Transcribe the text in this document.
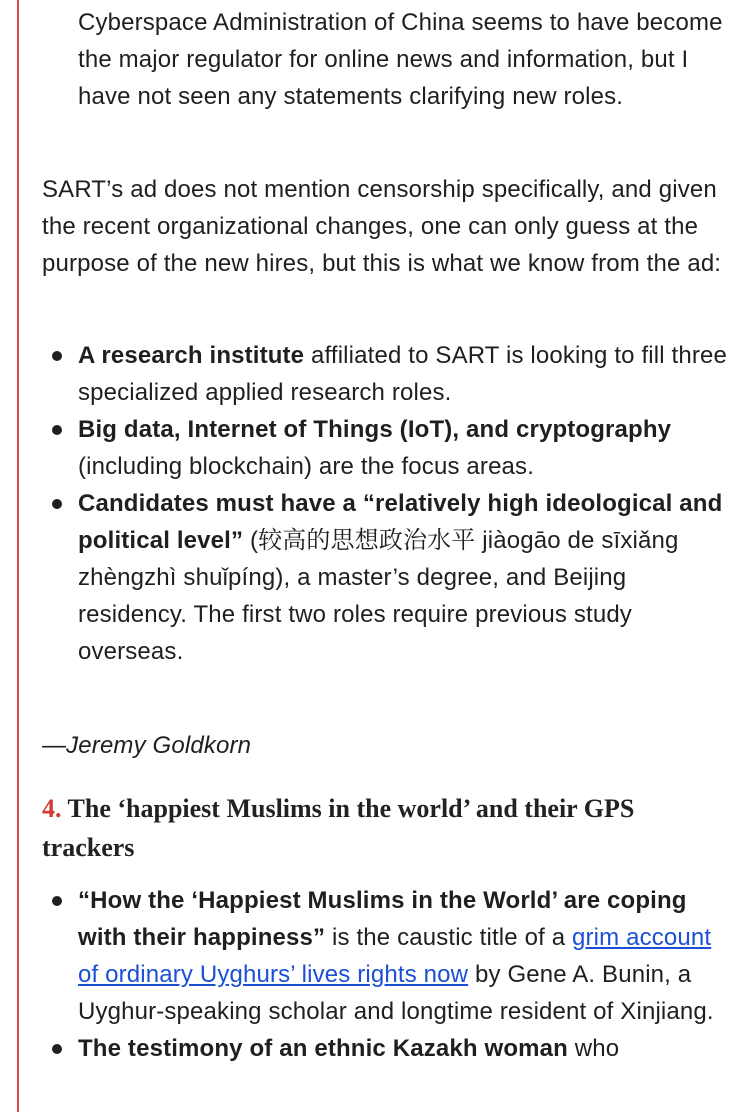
Cyberspace Administration of China seems to have become the major regulator for online news and information, but I have not seen any statements clarifying new roles.

SART’s ad does not mention censorship specifically, and given the recent organizational changes, one can only guess at the purpose of the new hires, but this is what we know from the ad:

A research institute affiliated to SART is looking to fill three specialized applied research roles.
Big data, Internet of Things (IoT), and cryptography (including blockchain) are the focus areas.
Candidates must have a “relatively high ideological and political level” (较高的思想政治水平 jiàogāo de sīxiǎng zhèngzhì shuǐpíng), a master’s degree, and Beijing residency. The first two roles require previous study overseas.
—Jeremy Goldkorn
4. The ‘happiest Muslims in the world’ and their GPS trackers
“How the ‘Happiest Muslims in the World’ are coping with their happiness” is the caustic title of a grim account of ordinary Uyghurs’ lives rights now by Gene A. Bunin, a Uyghur-speaking scholar and longtime resident of Xinjiang.
The testimony of an ethnic Kazakh woman who
